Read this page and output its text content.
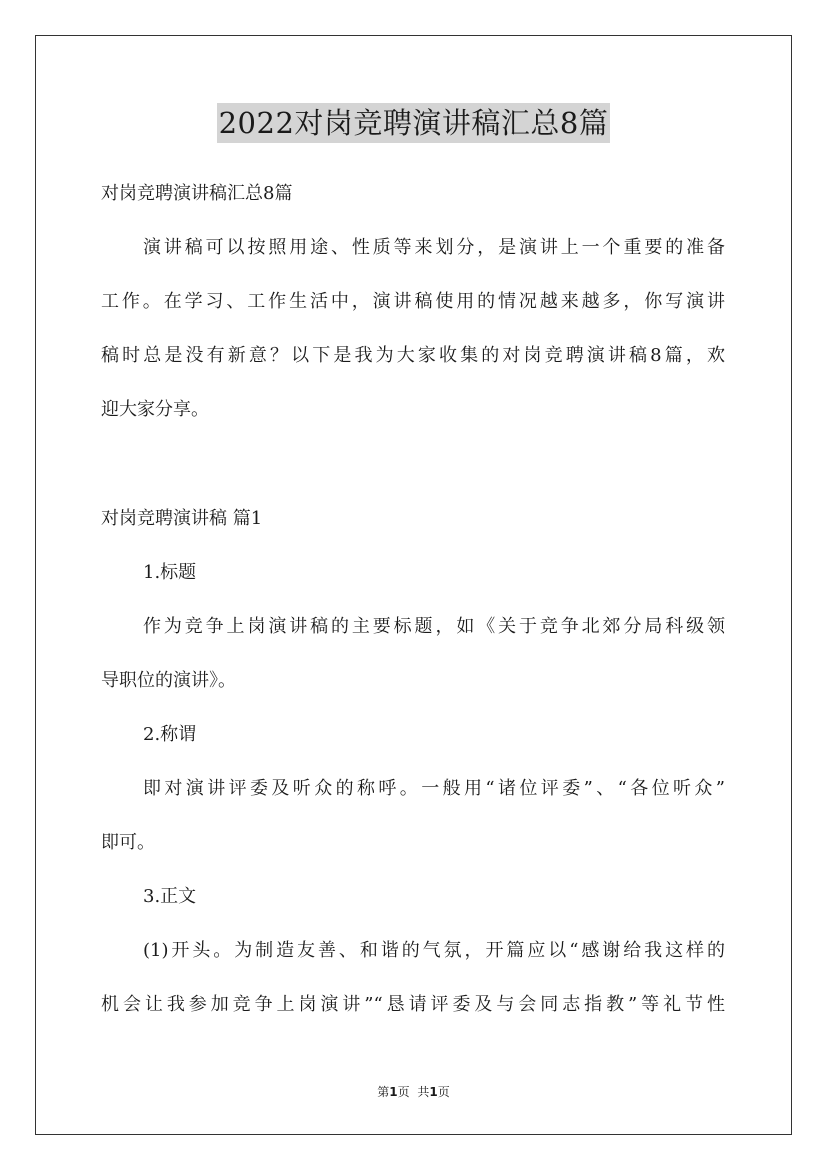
2022对岗竞聘演讲稿汇总8篇

对岗竞聘演讲稿汇总8篇

演讲稿可以按照用途、性质等来划分，是演讲上一个重要的准备

工作。在学习、工作生活中，演讲稿使用的情况越来越多，你写演讲

稿时总是没有新意？以下是我为大家收集的对岗竞聘演讲稿8篇，欢

迎大家分享。

对岗竞聘演讲稿 篇1

1.标题

作为竞争上岗演讲稿的主要标题，如《关于竞争北郊分局科级领

导职位的演讲》。

2.称谓

即对演讲评委及听众的称呼。一般用“诸位评委”、“各位听众”

即可。

3.正文

(1)开头。为制造友善、和谐的气氛，开篇应以“感谢给我这样的

机会让我参加竞争上岗演讲”“恳请评委及与会同志指教”等礼节性

第1页 共1页
